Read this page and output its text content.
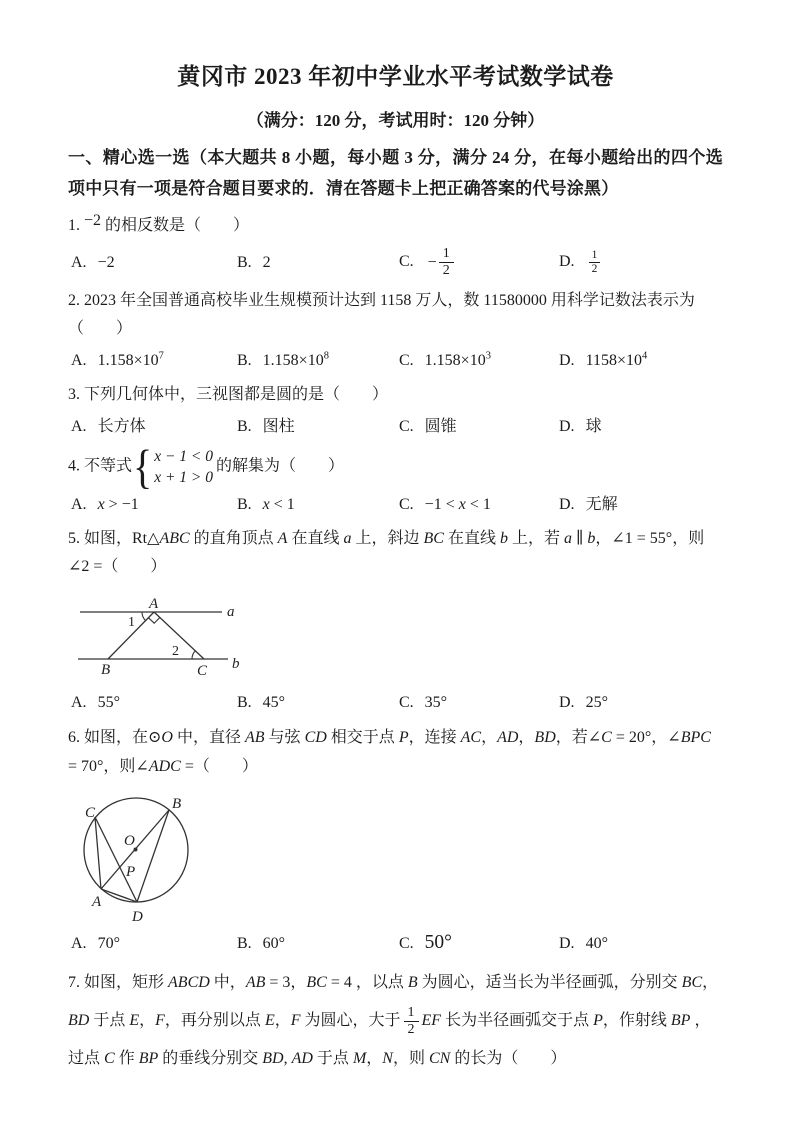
黄冈市 2023 年初中学业水平考试数学试卷
（满分：120 分，考试用时：120 分钟）
一、精心选一选（本大题共 8 小题，每小题 3 分，满分 24 分，在每小题给出的四个选项中只有一项是符合题目要求的．清在答题卡上把正确答案的代号涂黑）
1. −2 的相反数是（　　）
A. −2	B. 2	C. − $\frac{1}{2}$	D. $\frac{1}{2}$
2. 2023 年全国普通高校毕业生规模预计达到 1158 万人，数 11580000 用科学记数法表示为（　　）
A. $1.158\times 10^7$	B. $1.158\times 10^8$	C. $1.158\times 10^3$	D. $1158\times 10^4$
3. 下列几何体中，三视图都是圆的是（　　）
A. 长方体	B. 图柱	C. 圆锥	D. 球
4. 不等式 { x − 1 < 0
x + 1 > 0
的解集为（　　）
A. x > −1	B. x < 1	C. −1 < x < 1	D. 无解
5. 如图，Rt△ABC 的直角顶点 A 在直线 a 上，斜边 BC 在直线 b 上，若 a ∥ b，∠1 = 55°，则∠2 =（　　）
a
b
A
B	C
1
2
A. 55°	B. 45°	C. 35°	D. 25°
6. 如图，在⊙O 中，直径 AB 与弦 CD 相交于点 P，连接 AC，AD，BD，若∠C = 20°，∠BPC = 70°，则∠ADC =（　　）
O
P
A
B
C
D
A. 70°	B. 60°	C. 50°	D. 40°
7. 如图，矩形 ABCD 中，AB = 3，BC = 4 ，以点 B 为圆心，适当长为半径画弧，分别交 BC，BD 于点 E，F，再分别以点 E，F 为圆心，大于 $\frac{1}{2}$ EF 长为半径画弧交于点 P，作射线 BP ，过点 C 作 BP 的垂线分别交 BD, AD 于点 M，N，则 CN 的长为（　　）
